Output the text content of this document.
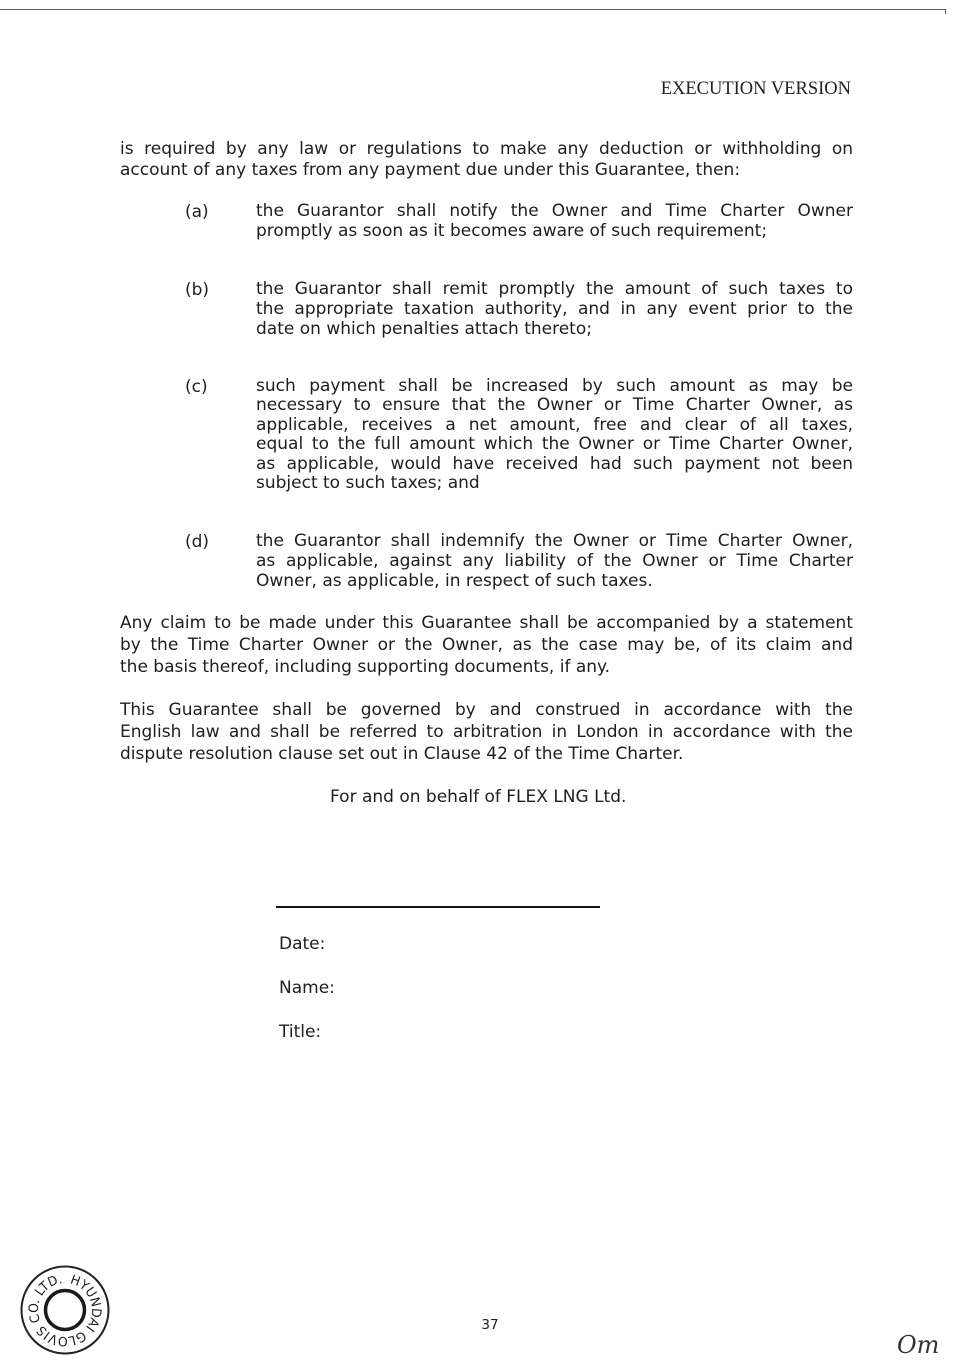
EXECUTION VERSION
is required by any law or regulations to make any deduction or withholding on
account of any taxes from any payment due under this Guarantee, then:
(a)	the Guarantor shall notify the Owner and Time Charter Owner
promptly as soon as it becomes aware of such requirement;
(b)	the Guarantor shall remit promptly the amount of such taxes to
the appropriate taxation authority, and in any event prior to the
date on which penalties attach thereto;
(c)	such payment shall be increased by such amount as may be
necessary to ensure that the Owner or Time Charter Owner, as
applicable, receives a net amount, free and clear of all taxes,
equal to the full amount which the Owner or Time Charter Owner,
as applicable, would have received had such payment not been
subject to such taxes; and
(d)	the Guarantor shall indemnify the Owner or Time Charter Owner,
as applicable, against any liability of the Owner or Time Charter
Owner, as applicable, in respect of such taxes.
Any claim to be made under this Guarantee shall be accompanied by a statement
by the Time Charter Owner or the Owner, as the case may be, of its claim and
the basis thereof, including supporting documents, if any.
This Guarantee shall be governed by and construed in accordance with the
English law and shall be referred to arbitration in London in accordance with the
dispute resolution clause set out in Clause 42 of the Time Charter.
For and on behalf of FLEX LNG Ltd.
Date:
Name:
Title:
HYUNDAI GLOVIS CO. LTD.
37
Om
